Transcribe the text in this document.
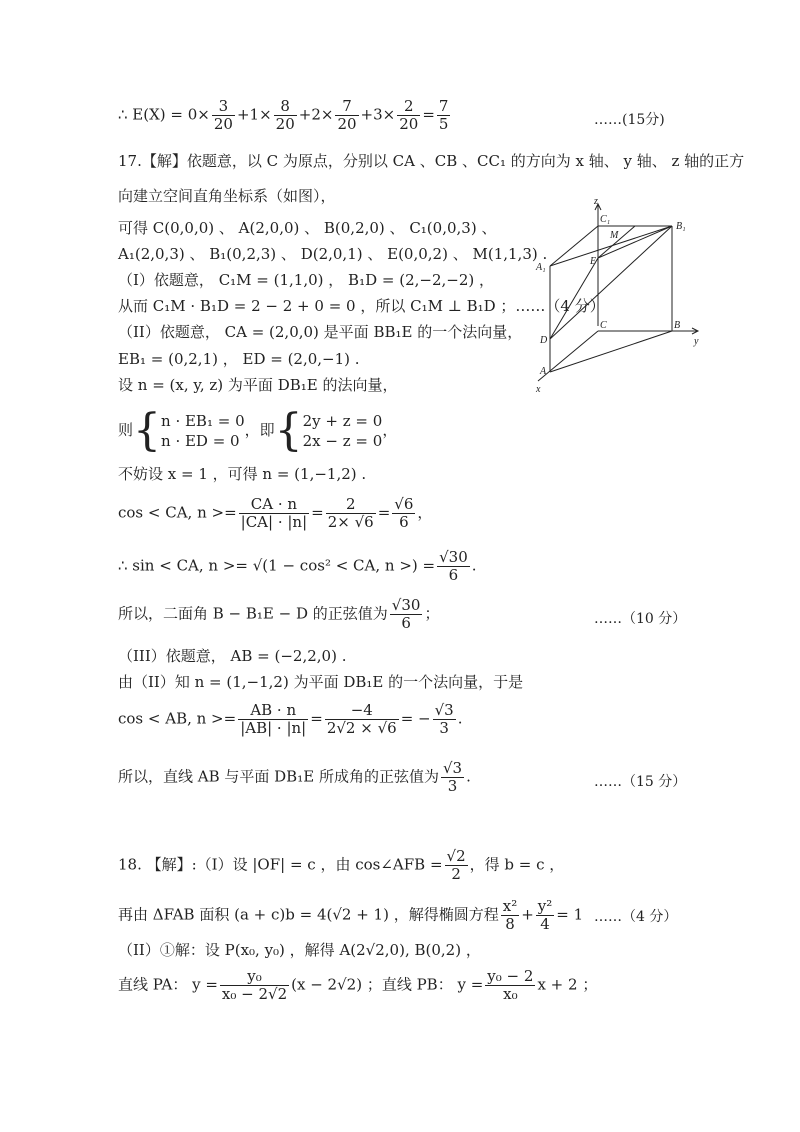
∴ $E(X) = 0\times \frac{3}{20} +1\times \frac{8}{20} +2\times \frac{7}{20} +3\times \frac{2}{20} = \frac{7}{5}$	……(15分)
17.【解】依题意，以 C 为原点，分别以 CA 、CB 、CC₁ 的方向为 x 轴、 y 轴、 z 轴的正方
向建立空间直角坐标系（如图），
可得 C(0,0,0) 、 A(2,0,0) 、 B(0,2,0) 、 C₁(0,0,3) 、
A₁(2,0,3) 、 B₁(0,2,3) 、 D(2,0,1) 、 E(0,0,2) 、 M(1,1,3) .
（I）依题意， C₁M = (1,1,0) ， B₁D = (2,−2,−2) ，
从而 C₁M · B₁D = 2 − 2 + 0 = 0 ，所以 C₁M ⊥ B₁D ；……（4 分）
（II）依题意， CA = (2,0,0) 是平面 BB₁E 的一个法向量，
EB₁ = (0,2,1) ， ED = (2,0,−1) .
设 n = (x, y, z) 为平面 DB₁E 的法向量，
则{ n · EB₁ = 0
n · ED = 0
，即{ 2y + z = 0
2x − z = 0
，
不妨设 x = 1 ，可得 n = (1,−1,2) .
cos < CA, $n >= \frac{CA \cdot n}{|CA| \cdot |n|} = \frac{2}{2\times √6} = \frac{√6}{6}$ ，
∴ sin < CA, n >= √(1 − cos² < CA, n >) = $\frac{√30}{6}$ .
所以，二面角 B − B₁E − D 的正弦值为 $\frac{√30}{6}$ ；	……（10 分）
（III）依题意， AB = (−2,2,0) .
由（II）知 n = (1,−1,2) 为平面 DB₁E 的一个法向量，于是
cos < AB, $n >= \frac{AB \cdot n}{|AB| \cdot |n|} = \frac{-4}{2√2 \times √6}$ = − $\frac{√3}{3}$ .
所以，直线 AB 与平面 DB₁E 所成角的正弦值为 $\frac{√3}{3}$ .	……（15 分）
18. 【解】:（I）设 |OF| = c ，由 cos∠AFB = $\frac{√2}{2}$ ，得 b = c ，
再由 ΔFAB 面积 (a + c)b = 4(√2 + 1) ，解得椭圆方程 $\frac{\text{x²}}{8} + \frac{\text{y²}}{4} = 1$ ……（4 分）
（II）①解：设 P(x₀, y₀) ，解得 A(2√2,0), B(0,2) ，
直线 PA： $y = \frac{\text{y₀}}{\text{x₀ − 2√2}} (x - 2√2)$ ；直线 PB： $y = \frac{\text{y₀ − 2}}{\text{x₀}}$ x + 2 ；
z
y
x
C₁
B₁
M
A₁
E
C	B
D
A
